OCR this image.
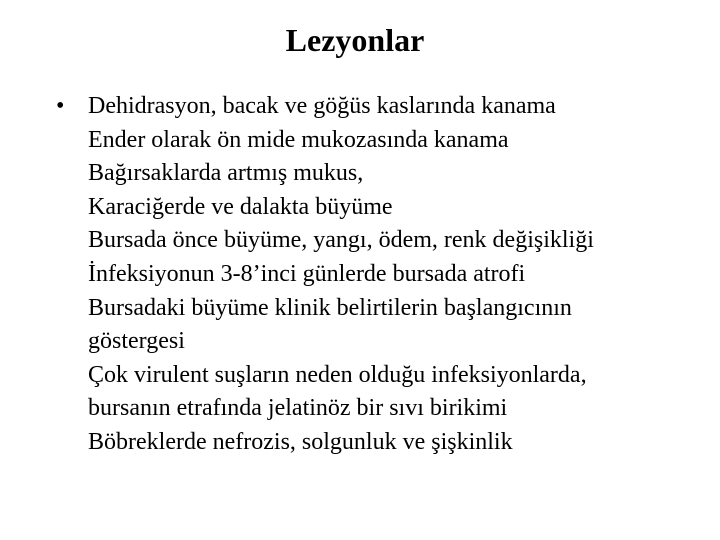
Lezyonlar
• Dehidrasyon, bacak ve göğüs kaslarında kanama
Ender olarak ön mide mukozasında kanama
Bağırsaklarda artmış mukus,
Karaciğerde ve dalakta büyüme
Bursada önce büyüme, yangı, ödem, renk değişikliği
İnfeksiyonun 3-8’inci günlerde bursada atrofi
Bursadaki büyüme klinik belirtilerin başlangıcının
göstergesi
Çok virulent suşların neden olduğu infeksiyonlarda,
bursanın etrafında jelatinöz bir sıvı birikimi
Böbreklerde nefrozis, solgunluk ve şişkinlik
